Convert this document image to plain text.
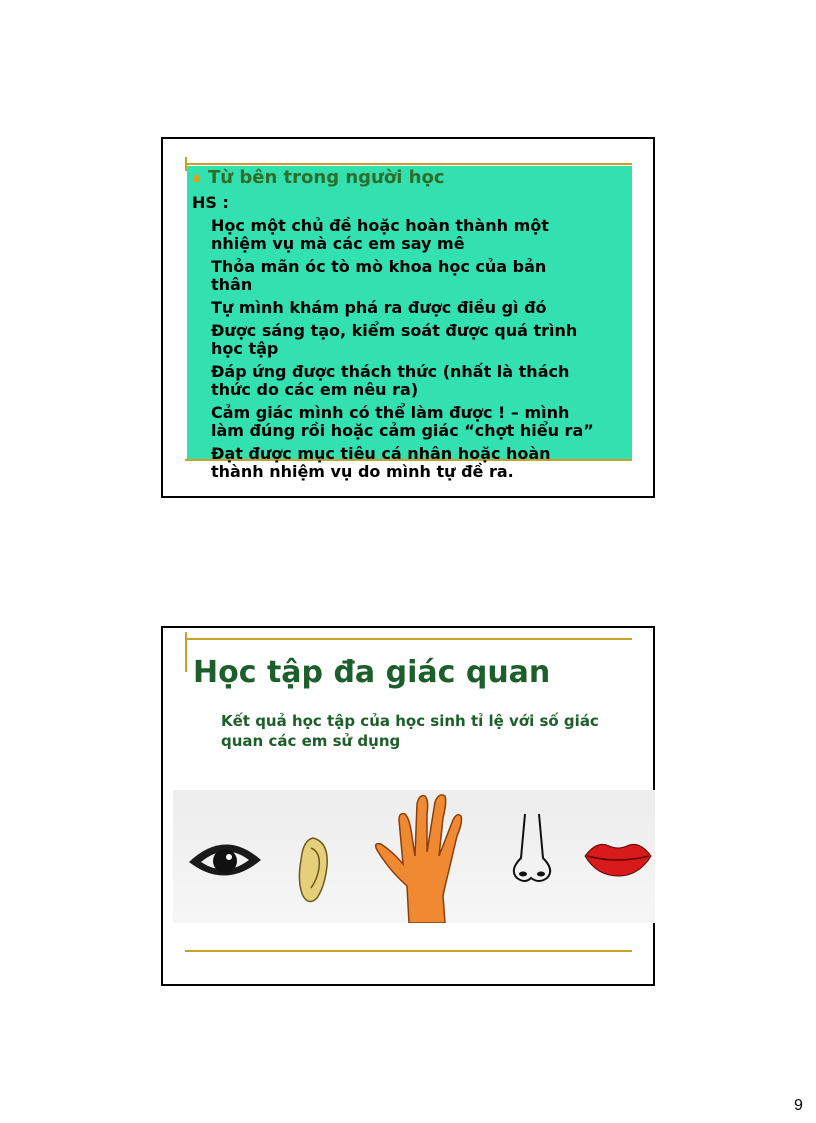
Từ bên trong người học
HS :
Học một chủ đề hoặc hoàn thành một
nhiệm vụ mà các em say mê
Thỏa mãn óc tò mò khoa học của bản
thân
Tự mình khám phá ra được điều gì đó
Được sáng tạo, kiểm soát được quá trình
học tập
Đáp ứng được thách thức (nhất là thách
thức do các em nêu ra)
Cảm giác mình có thể làm được ! – mình
làm đúng rồi hoặc cảm giác “chợt hiểu ra”
Đạt được mục tiêu cá nhân hoặc hoàn
thành nhiệm vụ do mình tự đề ra.
Học tập đa giác quan
Kết quả học tập của học sinh tỉ lệ với số giác
quan các em sử dụng
9
